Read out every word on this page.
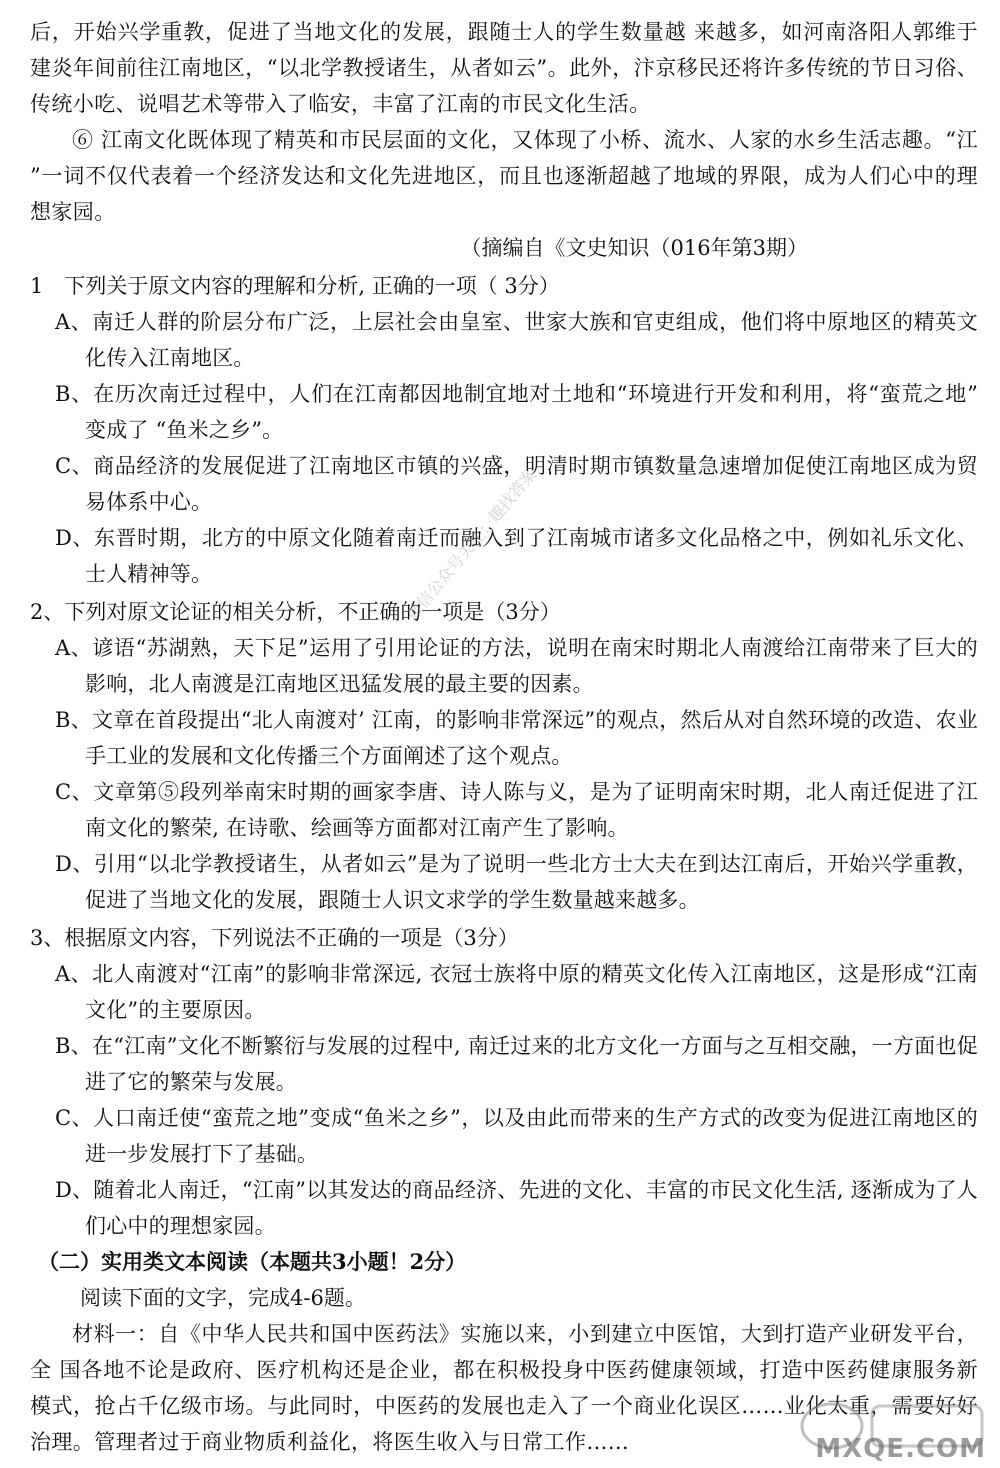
后，开始兴学重教，促进了当地文化的发展，跟随士人的学生数量越 来越多，如河南洛阳人郭维于建炎年间前往江南地区，“以北学教授诸生，从者如云”。此外，汴京移民还将许多传统的节日习俗、传统小吃、说唱艺术等带入了临安，丰富了江南的市民文化生活。

⑥ 江南文化既体现了精英和市民层面的文化，又体现了小桥、流水、人家的水乡生活志趣。“江 ”一词不仅代表着一个经济发达和文化先进地区，而且也逐渐超越了地域的界限，成为人们心中的理想家园。

（摘编自《文史知识（016年第3期）

1　下列关于原文内容的理解和分析, 正确的一项（ 3分）

A、南迁人群的阶层分布广泛，上层社会由皇室、世家大族和官吏组成，他们将中原地区的精英文化传入江南地区。

B、在历次南迁过程中，人们在江南都因地制宜地对土地和“环境进行开发和利用，将“蛮荒之地” 变成了 “鱼米之乡”。

C、商品经济的发展促进了江南地区市镇的兴盛，明清时期市镇数量急速增加促使江南地区成为贸易体系中心。

D、东晋时期，北方的中原文化随着南迁而融入到了江南城市诸多文化品格之中，例如礼乐文化、 士人精神等。

2、下列对原文论证的相关分析，不正确的一项是（3分）

A、谚语“苏湖熟，天下足”运用了引用论证的方法，说明在南宋时期北人南渡给江南带来了巨大的 影响，北人南渡是江南地区迅猛发展的最主要的因素。

B、文章在首段提出“北人南渡对’ 江南，的影响非常深远”的观点，然后从对自然环境的改造、农业 手工业的发展和文化传播三个方面阐述了这个观点。

C、文章第⑤段列举南宋时期的画家李唐、诗人陈与义，是为了证明南宋时期，北人南迁促进了江南文化的繁荣, 在诗歌、绘画等方面都对江南产生了影响。

D、引用“以北学教授诸生，从者如云”是为了说明一些北方士大夫在到达江南后，开始兴学重教， 促进了当地文化的发展，跟随士人识文求学的学生数量越来越多。

3、根据原文内容，下列说法不正确的一项是（3分）

A、北人南渡对“江南”的影响非常深远, 衣冠士族将中原的精英文化传入江南地区，这是形成“江南文化”的主要原因。

B、在“江南”文化不断繁衍与发展的过程中, 南迁过来的北方文化一方面与之互相交融，一方面也促进了它的繁荣与发展。

C、人口南迁使“蛮荒之地”变成“鱼米之乡”，以及由此而带来的生产方式的改变为促进江南地区的进一步发展打下了基础。

D、随着北人南迁，“江南”以其发达的商品经济、先进的文化、丰富的市民文化生活, 逐渐成为了人们心中的理想家园。

（二）实用类文本阅读（本题共3小题！2分）

阅读下面的文字，完成4-6题。

材料一：自《中华人民共和国中医药法》实施以来，小到建立中医馆，大到打造产业研发平台，全 国各地不论是政府、医疗机构还是企业，都在积极投身中医药健康领域，打造中医药健康服务新模式，抢占千亿级市场。与此同时，中医药的发展也走入了一个商业化误区……业化太重，需要好好治理。管理者过于商业物质利益化，将医生收入与日常工作……

微信公众号关注：趣找答案
MXQE.COM
